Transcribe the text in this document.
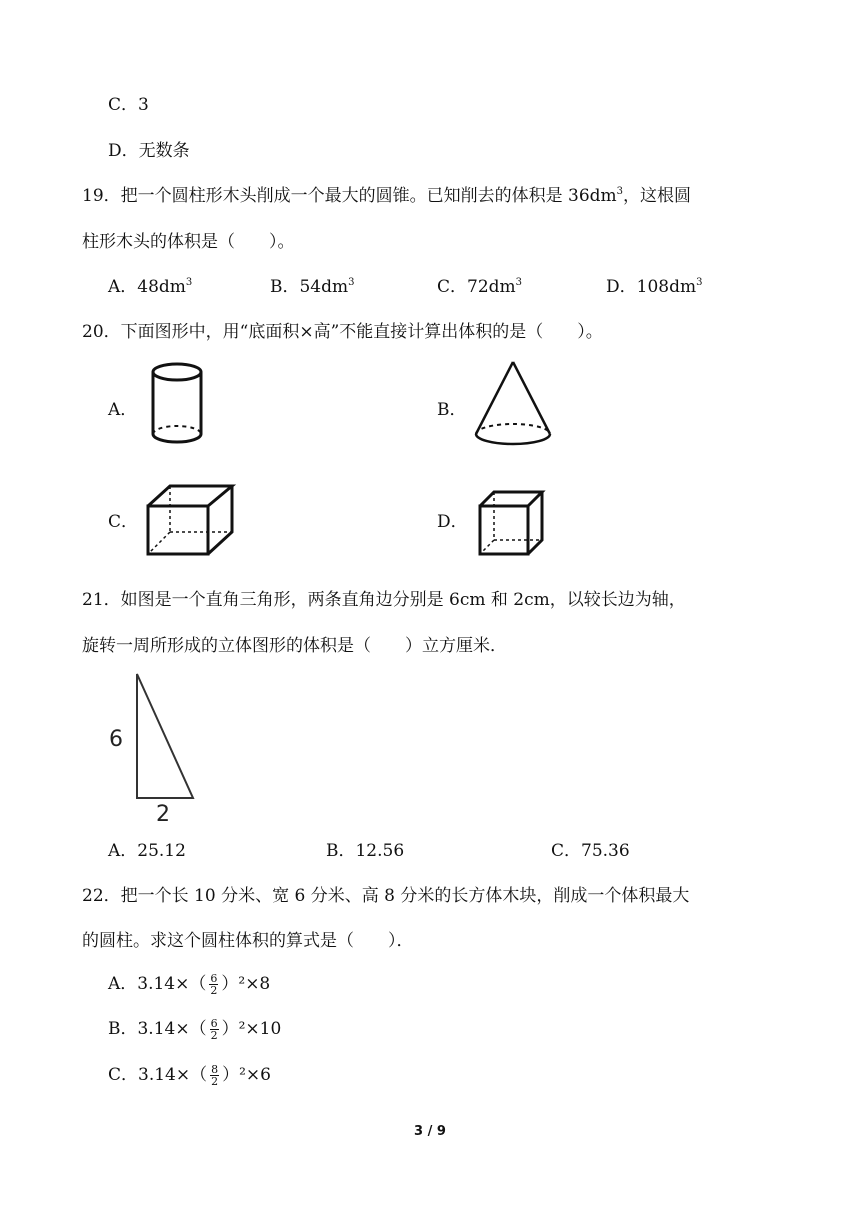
C．3
D．无数条
19．把一个圆柱形木头削成一个最大的圆锥。已知削去的体积是 $36dm^3$，这根圆
柱形木头的体积是（　　）。
A．$48dm^3$	B．$54dm^3$	C．$72dm^3$	D．$108dm^3$
20．下面图形中，用“底面积×高”不能直接计算出体积的是（　　）。
A．	B．
C．	D．
21．如图是一个直角三角形，两条直角边分别是 6cm 和 2cm，以较长边为轴，
旋转一周所形成的立体图形的体积是（　　）立方厘米．
6
2
A．25.12	B．12.56	C．75.36
22．把一个长 10 分米、宽 6 分米、高 8 分米的长方体木块，削成一个体积最大
的圆柱。求这个圆柱体积的算式是（　　）．
A．$3.14\times( \frac{6}{2} )^2\times 8$
B．$3.14\times( \frac{6}{2} )^2\times 10$
C．$3.14\times( \frac{8}{2} )^2\times 6$
3 / 9
